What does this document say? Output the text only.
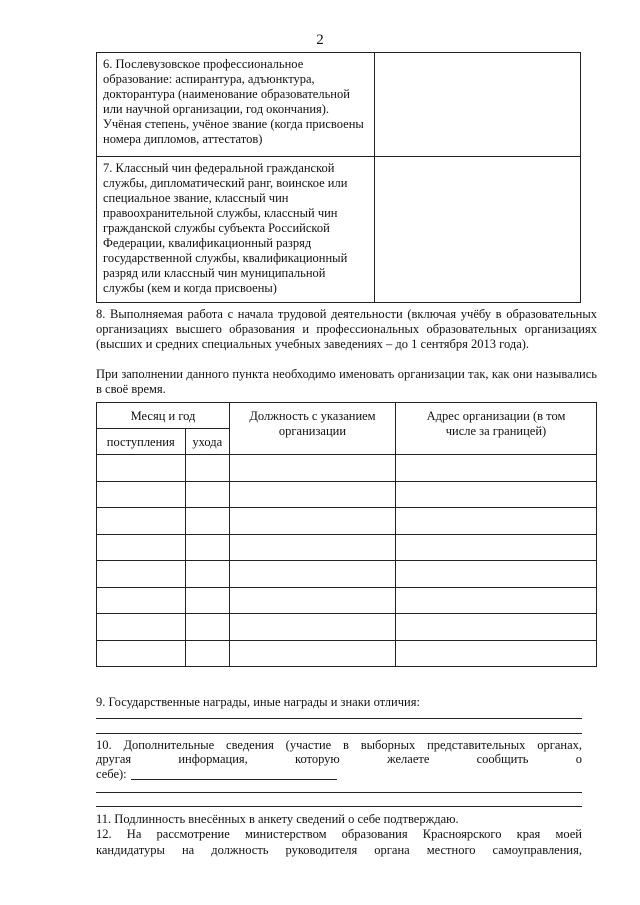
2
6. Послевузовское профессиональное образование: аспирантура, адъюнктура, докторантура (наименование образовательной или научной организации, год окончания). Учёная степень, учёное звание (когда присвоены номера дипломов, аттестатов)
7. Классный чин федеральной гражданской службы, дипломатический ранг, воинское или специальное звание, классный чин правоохранительной службы, классный чин гражданской службы субъекта Российской Федерации, квалификационный разряд государственной службы, квалификационный разряд или классный чин муниципальной службы (кем и когда присвоены)
8. Выполняемая работа с начала трудовой деятельности (включая учёбу в образовательных организациях высшего образования и профессиональных образовательных организациях (высших и средних специальных учебных заведениях – до 1 сентября 2013 года).
При заполнении данного пункта необходимо именовать организации так, как они назывались в своё время.
Месяц и год		Должность с указанием организации	Адрес организации (в том числе за границей)
поступления	ухода		

9. Государственные награды, иные награды и знаки отличия:
10. Дополнительные сведения (участие в выборных представительных органах,
другая информация, которую желаете сообщить о
себе):
11. Подлинность внесённых в анкету сведений о себе подтверждаю.
12. На рассмотрение министерством образования Красноярского края моей
кандидатуры на должность руководителя органа местного самоуправления,
